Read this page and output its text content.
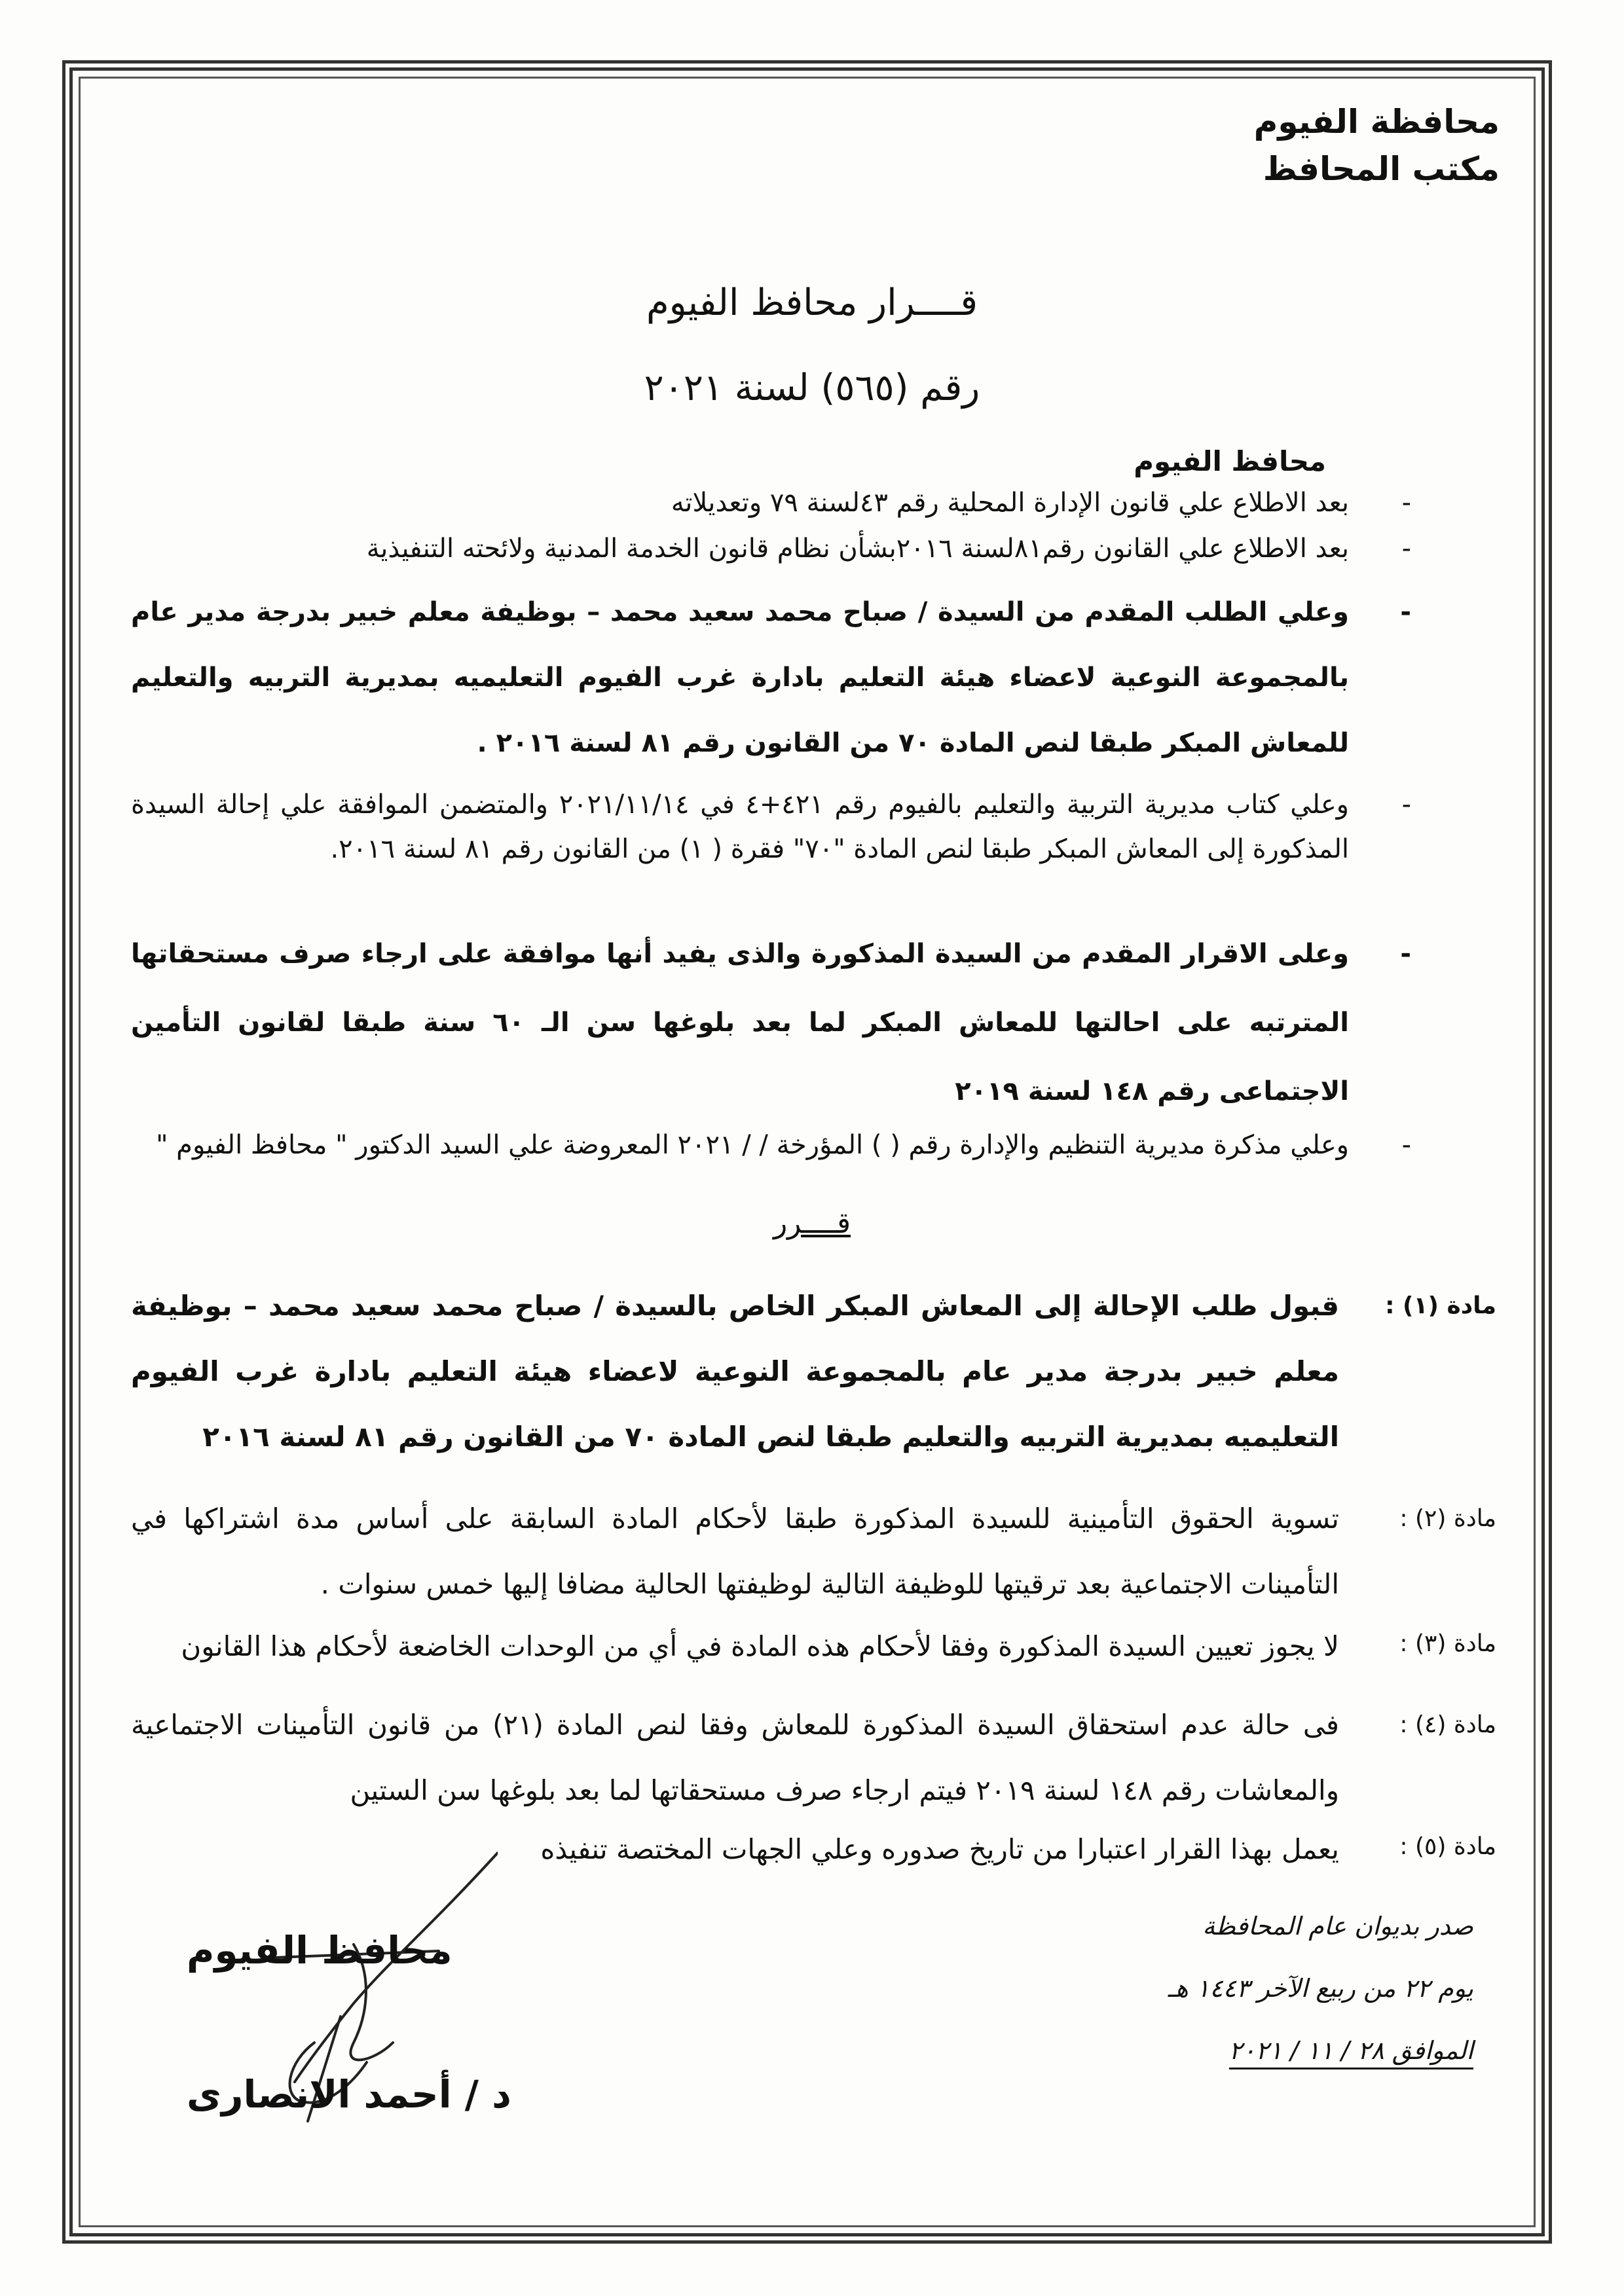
محافظة الفيوم
مكتب المحافظ
قــــرار محافظ الفيوم
رقم (٥٦٥) لسنة ٢٠٢١
محافظ الفيوم
-
بعد الاطلاع علي قانون الإدارة المحلية رقم ٤٣لسنة ٧٩ وتعديلاته
-
بعد الاطلاع علي القانون رقم٨١لسنة ٢٠١٦بشأن نظام قانون الخدمة المدنية ولائحته التنفيذية
-
وعلي الطلب المقدم من السيدة / صباح محمد سعيد محمد – بوظيفة معلم خبير بدرجة مدير عام بالمجموعة النوعية لاعضاء هيئة التعليم بادارة غرب الفيوم التعليميه بمديرية التربيه والتعليم للمعاش المبكر طبقا لنص المادة ٧٠ من القانون رقم ٨١ لسنة ٢٠١٦ .
-
وعلي كتاب مديرية التربية والتعليم بالفيوم رقم ٤٢١+٤ في ٢٠٢١/١١/١٤ والمتضمن الموافقة علي إحالة السيدة المذكورة إلى المعاش المبكر طبقا لنص المادة "٧٠" فقرة ( ١) من القانون رقم ٨١ لسنة ٢٠١٦.
-
وعلى الاقرار المقدم من السيدة المذكورة والذى يفيد أنها موافقة على ارجاء صرف مستحقاتها المترتبه على احالتها للمعاش المبكر لما بعد بلوغها سن الـ ٦٠ سنة طبقا لقانون التأمين الاجتماعى رقم ١٤٨ لسنة ٢٠١٩
-
وعلي مذكرة مديرية التنظيم والإدارة رقم ( ) المؤرخة / / ٢٠٢١ المعروضة علي السيد الدكتور " محافظ الفيوم "
قــــرر
مادة (١) :
قبول طلب الإحالة إلى المعاش المبكر الخاص بالسيدة / صباح محمد سعيد محمد – بوظيفة معلم خبير بدرجة مدير عام بالمجموعة النوعية لاعضاء هيئة التعليم بادارة غرب الفيوم التعليميه بمديرية التربيه والتعليم طبقا لنص المادة ٧٠ من القانون رقم ٨١ لسنة ٢٠١٦
مادة (٢) :
تسوية الحقوق التأمينية للسيدة المذكورة طبقا لأحكام المادة السابقة على أساس مدة اشتراكها في التأمينات الاجتماعية بعد ترقيتها للوظيفة التالية لوظيفتها الحالية مضافا إليها خمس سنوات .
مادة (٣) :
لا يجوز تعيين السيدة المذكورة وفقا لأحكام هذه المادة في أي من الوحدات الخاضعة لأحكام هذا القانون
مادة (٤) :
فى حالة عدم استحقاق السيدة المذكورة للمعاش وفقا لنص المادة (٢١) من قانون التأمينات الاجتماعية والمعاشات رقم ١٤٨ لسنة ٢٠١٩ فيتم ارجاء صرف مستحقاتها لما بعد بلوغها سن الستين
مادة (٥) :
يعمل بهذا القرار اعتبارا من تاريخ صدوره وعلي الجهات المختصة تنفيذه
صدر بديوان عام المحافظة
يوم ٢٢ من ربيع الآخر ١٤٤٣ هـ
الموافق ٢٨ / ١١ / ٢٠٢١
محافظ الفيوم
د / أحمد الانصارى
